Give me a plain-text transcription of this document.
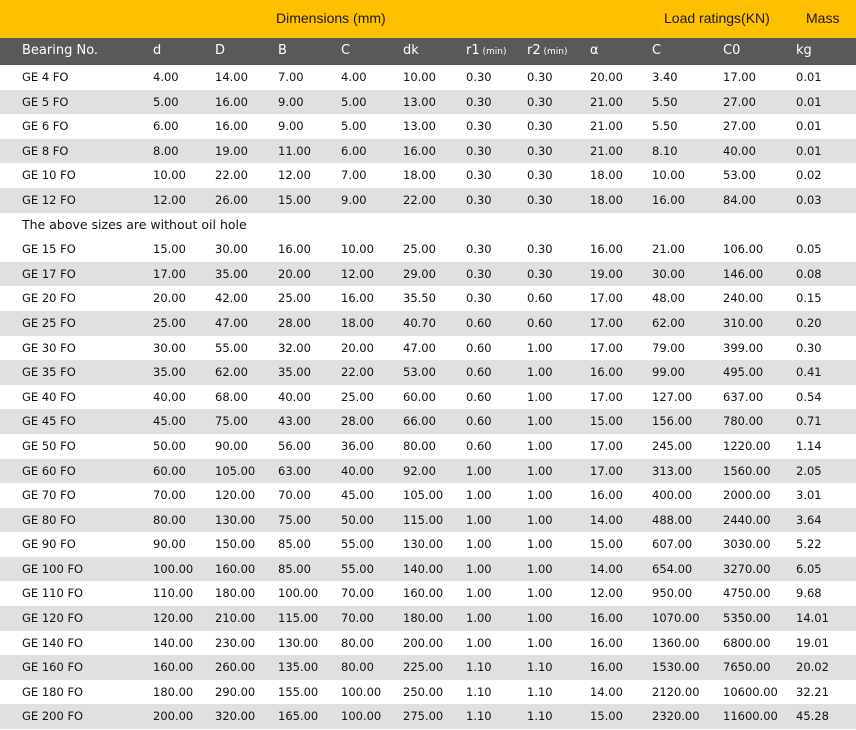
Dimensions (mm)	Load ratings(KN)	Mass
Bearing No.	d	D	B	C	dk	r1 (min) r2 (min) α	C	C0	kg
GE 4 FO	4.00	14.00	7.00	4.00	10.00	0.30	0.30	20.00	3.40	17.00	0.01
GE 5 FO	5.00	16.00	9.00	5.00	13.00	0.30	0.30	21.00	5.50	27.00	0.01
GE 6 FO	6.00	16.00	9.00	5.00	13.00	0.30	0.30	21.00	5.50	27.00	0.01
GE 8 FO	8.00	19.00	11.00	6.00	16.00	0.30	0.30	21.00	8.10	40.00	0.01
GE 10 FO	10.00	22.00	12.00	7.00	18.00	0.30	0.30	18.00	10.00	53.00	0.02
GE 12 FO	12.00	26.00	15.00	9.00	22.00	0.30	0.30	18.00	16.00	84.00	0.03
The above sizes are without oil hole
GE 15 FO	15.00	30.00	16.00	10.00	25.00	0.30	0.30	16.00	21.00	106.00	0.05
GE 17 FO	17.00	35.00	20.00	12.00	29.00	0.30	0.30	19.00	30.00	146.00	0.08
GE 20 FO	20.00	42.00	25.00	16.00	35.50	0.30	0.60	17.00	48.00	240.00	0.15
GE 25 FO	25.00	47.00	28.00	18.00	40.70	0.60	0.60	17.00	62.00	310.00	0.20
GE 30 FO	30.00	55.00	32.00	20.00	47.00	0.60	1.00	17.00	79.00	399.00	0.30
GE 35 FO	35.00	62.00	35.00	22.00	53.00	0.60	1.00	16.00	99.00	495.00	0.41
GE 40 FO	40.00	68.00	40.00	25.00	60.00	0.60	1.00	17.00	127.00	637.00	0.54
GE 45 FO	45.00	75.00	43.00	28.00	66.00	0.60	1.00	15.00	156.00	780.00	0.71
GE 50 FO	50.00	90.00	56.00	36.00	80.00	0.60	1.00	17.00	245.00	1220.00 1.14
GE 60 FO	60.00	105.00 63.00	40.00	92.00	1.00	1.00	17.00	313.00	1560.00 2.05
GE 70 FO	70.00	120.00 70.00	45.00	105.00 1.00	1.00	16.00	400.00	2000.00 3.01
GE 80 FO	80.00	130.00 75.00	50.00	115.00 1.00	1.00	14.00	488.00	2440.00 3.64
GE 90 FO	90.00	150.00 85.00	55.00	130.00 1.00	1.00	15.00	607.00	3030.00 5.22
GE 100 FO	100.00 160.00 85.00	55.00	140.00 1.00	1.00	14.00	654.00	3270.00 6.05
GE 110 FO	110.00 180.00 100.00 70.00	160.00 1.00	1.00	12.00	950.00	4750.00 9.68
GE 120 FO	120.00 210.00 115.00 70.00	180.00 1.00	1.00	16.00	1070.00 5350.00 14.01
GE 140 FO	140.00 230.00 130.00 80.00	200.00 1.00	1.00	16.00	1360.00 6800.00 19.01
GE 160 FO	160.00 260.00 135.00 80.00	225.00 1.10	1.10	16.00	1530.00 7650.00 20.02
GE 180 FO	180.00 290.00 155.00 100.00 250.00 1.10	1.10	14.00	2120.00 10600.00 32.21
GE 200 FO	200.00 320.00 165.00 100.00 275.00 1.10	1.10	15.00	2320.00 11600.00 45.28
